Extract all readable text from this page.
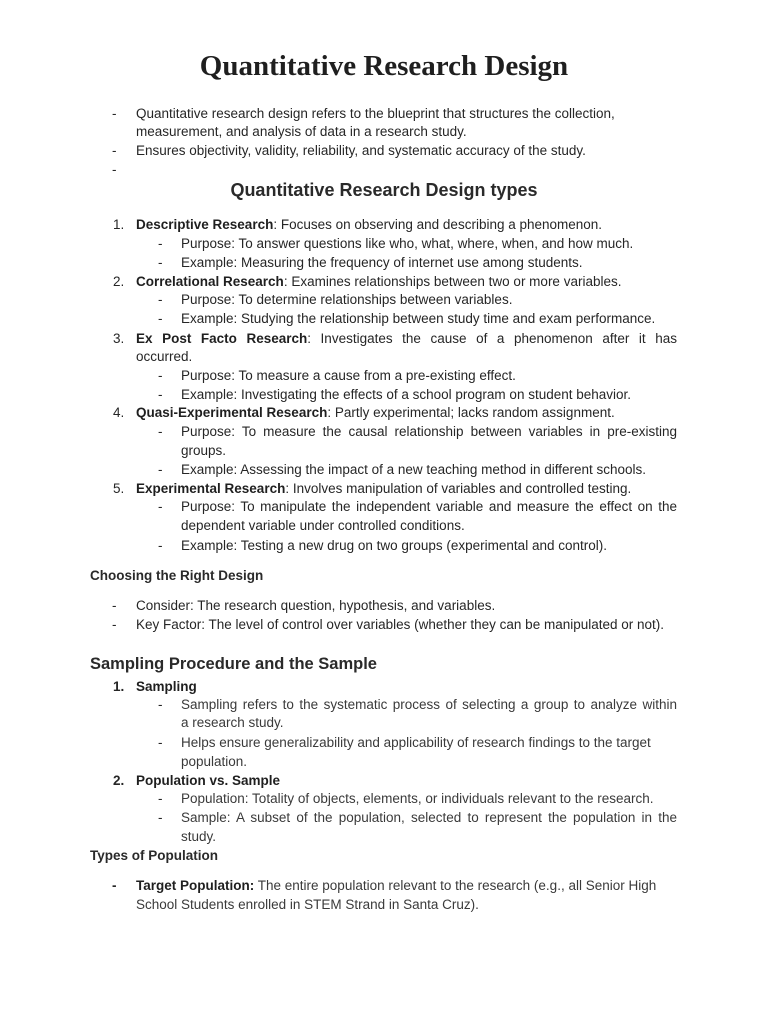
Quantitative Research Design
- Quantitative research design refers to the blueprint that structures the collection,
measurement, and analysis of data in a research study.
- Ensures objectivity, validity, reliability, and systematic accuracy of the study.
-
Quantitative Research Design types
1. Descriptive Research: Focuses on observing and describing a phenomenon.
- Purpose: To answer questions like who, what, where, when, and how much.
- Example: Measuring the frequency of internet use among students.
2. Correlational Research: Examines relationships between two or more variables.
- Purpose: To determine relationships between variables.
- Example: Studying the relationship between study time and exam performance.
3. Ex Post Facto Research: Investigates the cause of a phenomenon after it has
occurred.
- Purpose: To measure a cause from a pre-existing effect.
- Example: Investigating the effects of a school program on student behavior.
4. Quasi-Experimental Research: Partly experimental; lacks random assignment.
- Purpose: To measure the causal relationship between variables in pre-existing
groups.
- Example: Assessing the impact of a new teaching method in different schools.
5. Experimental Research: Involves manipulation of variables and controlled testing.
- Purpose: To manipulate the independent variable and measure the effect on the
dependent variable under controlled conditions.
- Example: Testing a new drug on two groups (experimental and control).
Choosing the Right Design
- Consider: The research question, hypothesis, and variables.
- Key Factor: The level of control over variables (whether they can be manipulated or not).
Sampling Procedure and the Sample
1. Sampling
- Sampling refers to the systematic process of selecting a group to analyze within
a research study.
- Helps ensure generalizability and applicability of research findings to the target
population.
2. Population vs. Sample
- Population: Totality of objects, elements, or individuals relevant to the research.
- Sample: A subset of the population, selected to represent the population in the
study.
Types of Population
- Target Population: The entire population relevant to the research (e.g., all Senior High
School Students enrolled in STEM Strand in Santa Cruz).
